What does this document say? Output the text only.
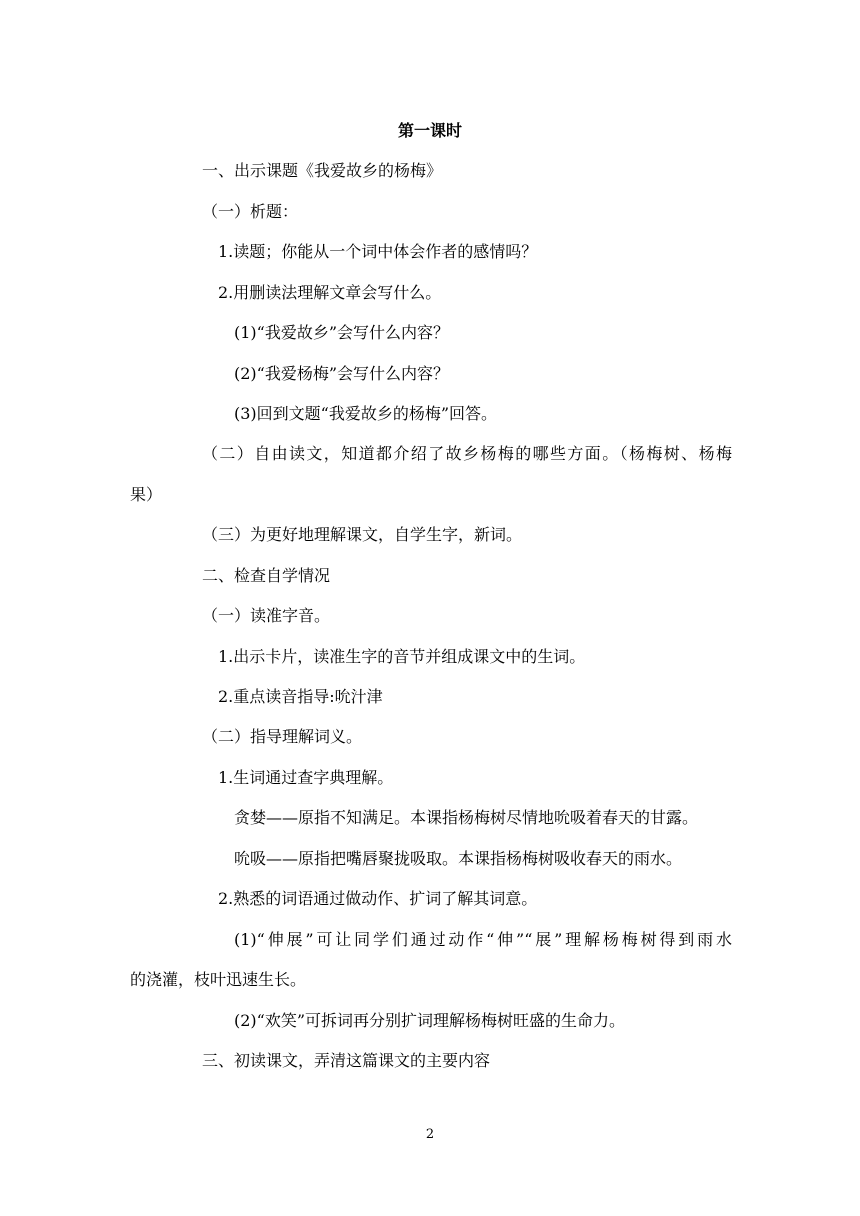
第一课时
一、出示课题《我爱故乡的杨梅》
（一）析题：
1.读题；你能从一个词中体会作者的感情吗？
2.用删读法理解文章会写什么。
(1)“我爱故乡”会写什么内容？
(2)“我爱杨梅”会写什么内容？
(3)回到文题“我爱故乡的杨梅”回答。
（二）自由读文，知道都介绍了故乡杨梅的哪些方面。（杨梅树、杨梅
果）
（三）为更好地理解课文，自学生字，新词。
二、检查自学情况
（一）读准字音。
1.出示卡片，读准生字的音节并组成课文中的生词。
2.重点读音指导:吮汁津
（二）指导理解词义。
1.生词通过查字典理解。
贪婪——原指不知满足。本课指杨梅树尽情地吮吸着春天的甘露。
吮吸——原指把嘴唇聚拢吸取。本课指杨梅树吸收春天的雨水。
2.熟悉的词语通过做动作、扩词了解其词意。
(1)“伸展”可让同学们通过动作“伸”“展”理解杨梅树得到雨水
的浇灌，枝叶迅速生长。
(2)“欢笑”可拆词再分别扩词理解杨梅树旺盛的生命力。
三、初读课文，弄清这篇课文的主要内容
2
